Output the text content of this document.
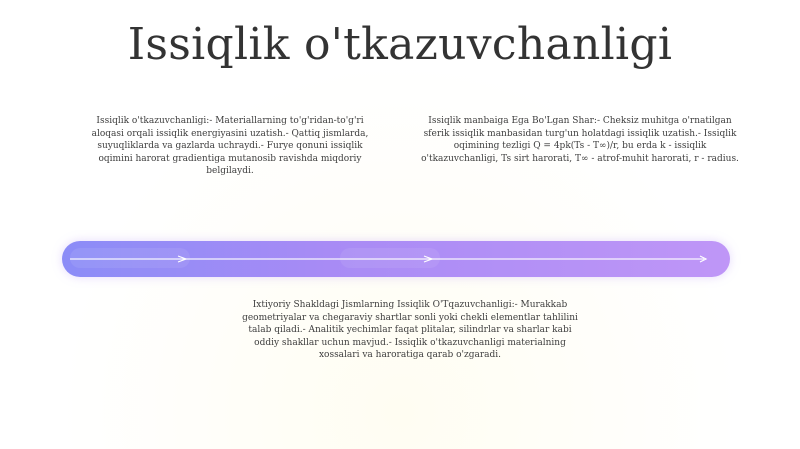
Issiqlik o'tkazuvchanligi
Issiqlik o'tkazuvchanligi:- Materiallarning to'g'ridan-to'g'ri aloqasi orqali issiqlik energiyasini uzatish.- Qattiq jismlarda, suyuqliklarda va gazlarda uchraydi.- Furye qonuni issiqlik oqimini harorat gradientiga mutanosib ravishda miqdoriy belgilaydi.
Issiqlik manbaiga Ega Bo'Lgan Shar:- Cheksiz muhitga o'rnatilgan sferik issiqlik manbasidan turg'un holatdagi issiqlik uzatish.- Issiqlik oqimining tezligi Q = 4pk(Ts - T∞)/r, bu erda k - issiqlik o'tkazuvchanligi, Ts sirt harorati, T∞ - atrof-muhit harorati, r - radius.
Ixtiyoriy Shakldagi Jismlarning Issiqlik O'Tqazuvchanligi:- Murakkab geometriyalar va chegaraviy shartlar sonli yoki chekli elementlar tahlilini talab qiladi.- Analitik yechimlar faqat plitalar, silindrlar va sharlar kabi oddiy shakllar uchun mavjud.- Issiqlik o'tkazuvchanligi materialning xossalari va haroratiga qarab o'zgaradi.
